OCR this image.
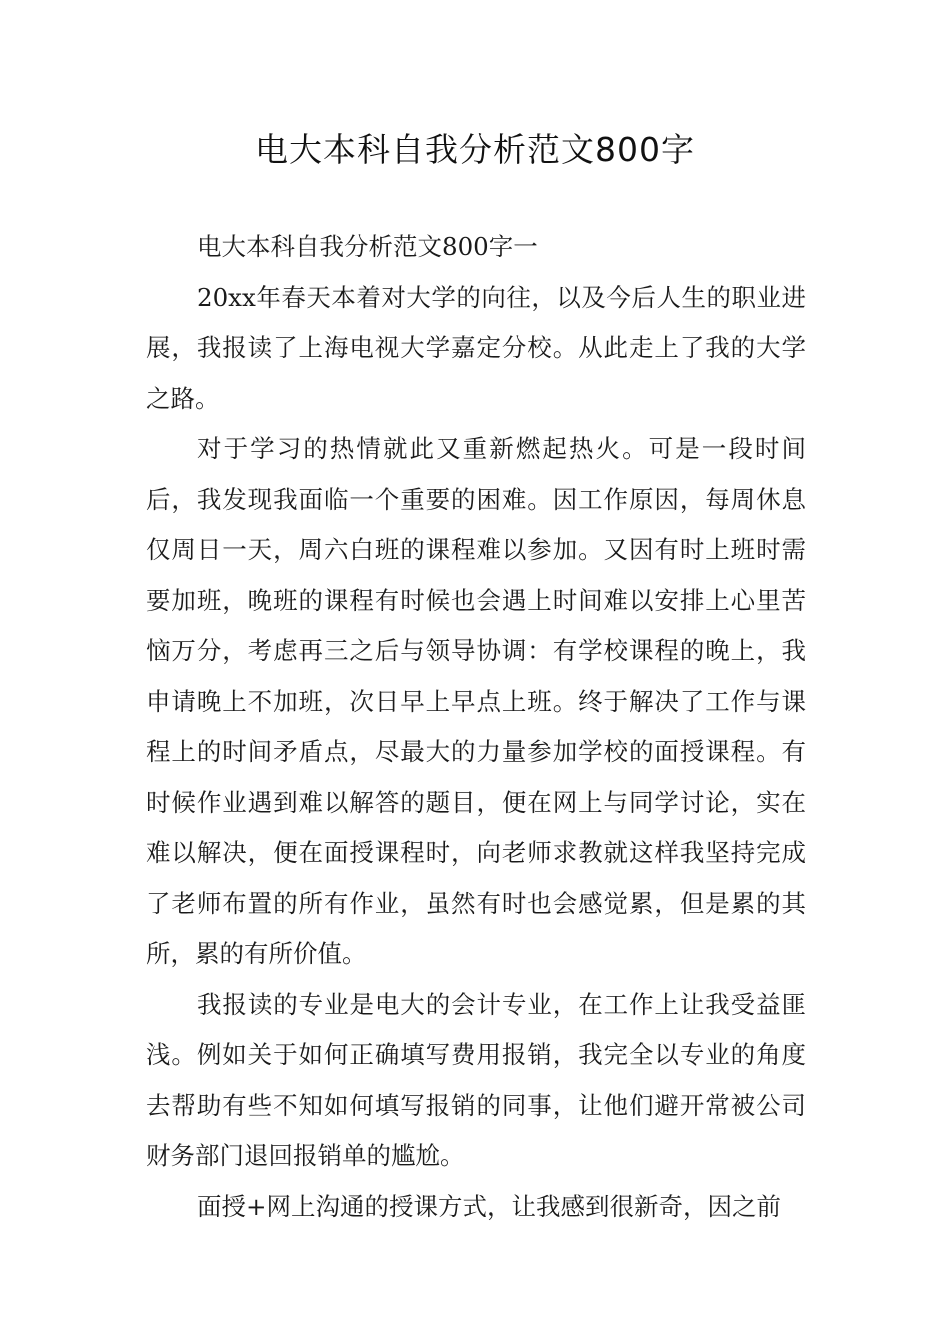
电大本科自我分析范文800字

电大本科自我分析范文800字一

20xx年春天本着对大学的向往，以及今后人生的职业进展，我报读了上海电视大学嘉定分校。从此走上了我的大学之路。

对于学习的热情就此又重新燃起热火。可是一段时间后，我发现我面临一个重要的困难。因工作原因，每周休息仅周日一天，周六白班的课程难以参加。又因有时上班时需要加班，晚班的课程有时候也会遇上时间难以安排上心里苦恼万分，考虑再三之后与领导协调：有学校课程的晚上，我申请晚上不加班，次日早上早点上班。终于解决了工作与课程上的时间矛盾点，尽最大的力量参加学校的面授课程。有时候作业遇到难以解答的题目，便在网上与同学讨论，实在难以解决，便在面授课程时，向老师求教就这样我坚持完成了老师布置的所有作业，虽然有时也会感觉累，但是累的其所，累的有所价值。

我报读的专业是电大的会计专业，在工作上让我受益匪浅。例如关于如何正确填写费用报销，我完全以专业的角度去帮助有些不知如何填写报销的同事，让他们避开常被公司财务部门退回报销单的尴尬。

面授+网上沟通的授课方式，让我感到很新奇，因之前
